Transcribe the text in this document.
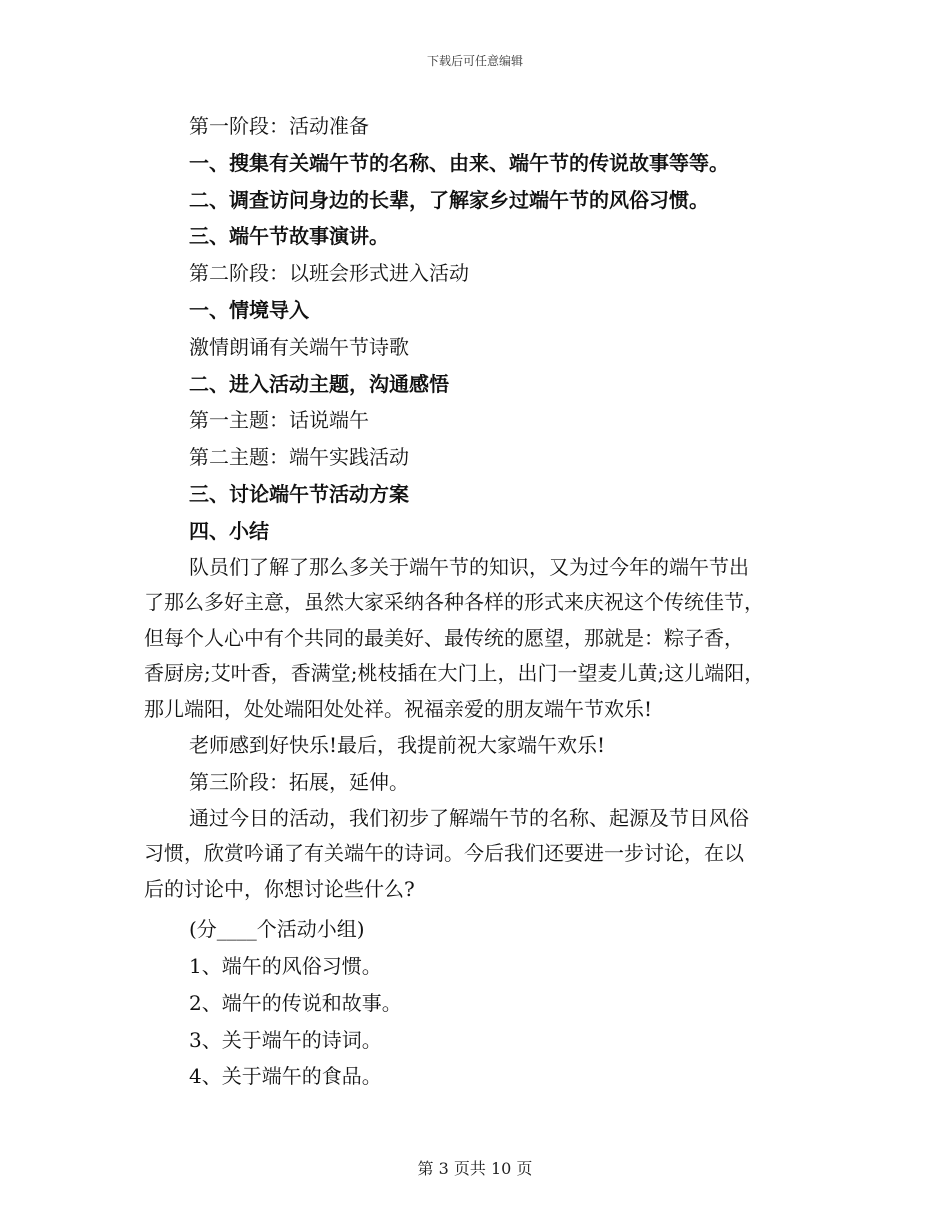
下载后可任意编辑
第一阶段：活动准备
一、搜集有关端午节的名称、由来、端午节的传说故事等等。
二、调查访问身边的长辈，了解家乡过端午节的风俗习惯。
三、端午节故事演讲。
第二阶段：以班会形式进入活动
一、情境导入
激情朗诵有关端午节诗歌
二、进入活动主题，沟通感悟
第一主题：话说端午
第二主题：端午实践活动
三、讨论端午节活动方案
四、小结
队员们了解了那么多关于端午节的知识，又为过今年的端午节出
了那么多好主意，虽然大家采纳各种各样的形式来庆祝这个传统佳节，
但每个人心中有个共同的最美好、最传统的愿望，那就是：粽子香，
香厨房;艾叶香，香满堂;桃枝插在大门上，出门一望麦儿黄;这儿端阳，
那儿端阳，处处端阳处处祥。祝福亲爱的朋友端午节欢乐!
老师感到好快乐!最后，我提前祝大家端午欢乐!
第三阶段：拓展，延伸。
通过今日的活动，我们初步了解端午节的名称、起源及节日风俗
习惯，欣赏吟诵了有关端午的诗词。今后我们还要进一步讨论，在以
后的讨论中，你想讨论些什么?
(分____个活动小组)
1、端午的风俗习惯。
2、端午的传说和故事。
3、关于端午的诗词。
4、关于端午的食品。
第 3 页共 10 页
